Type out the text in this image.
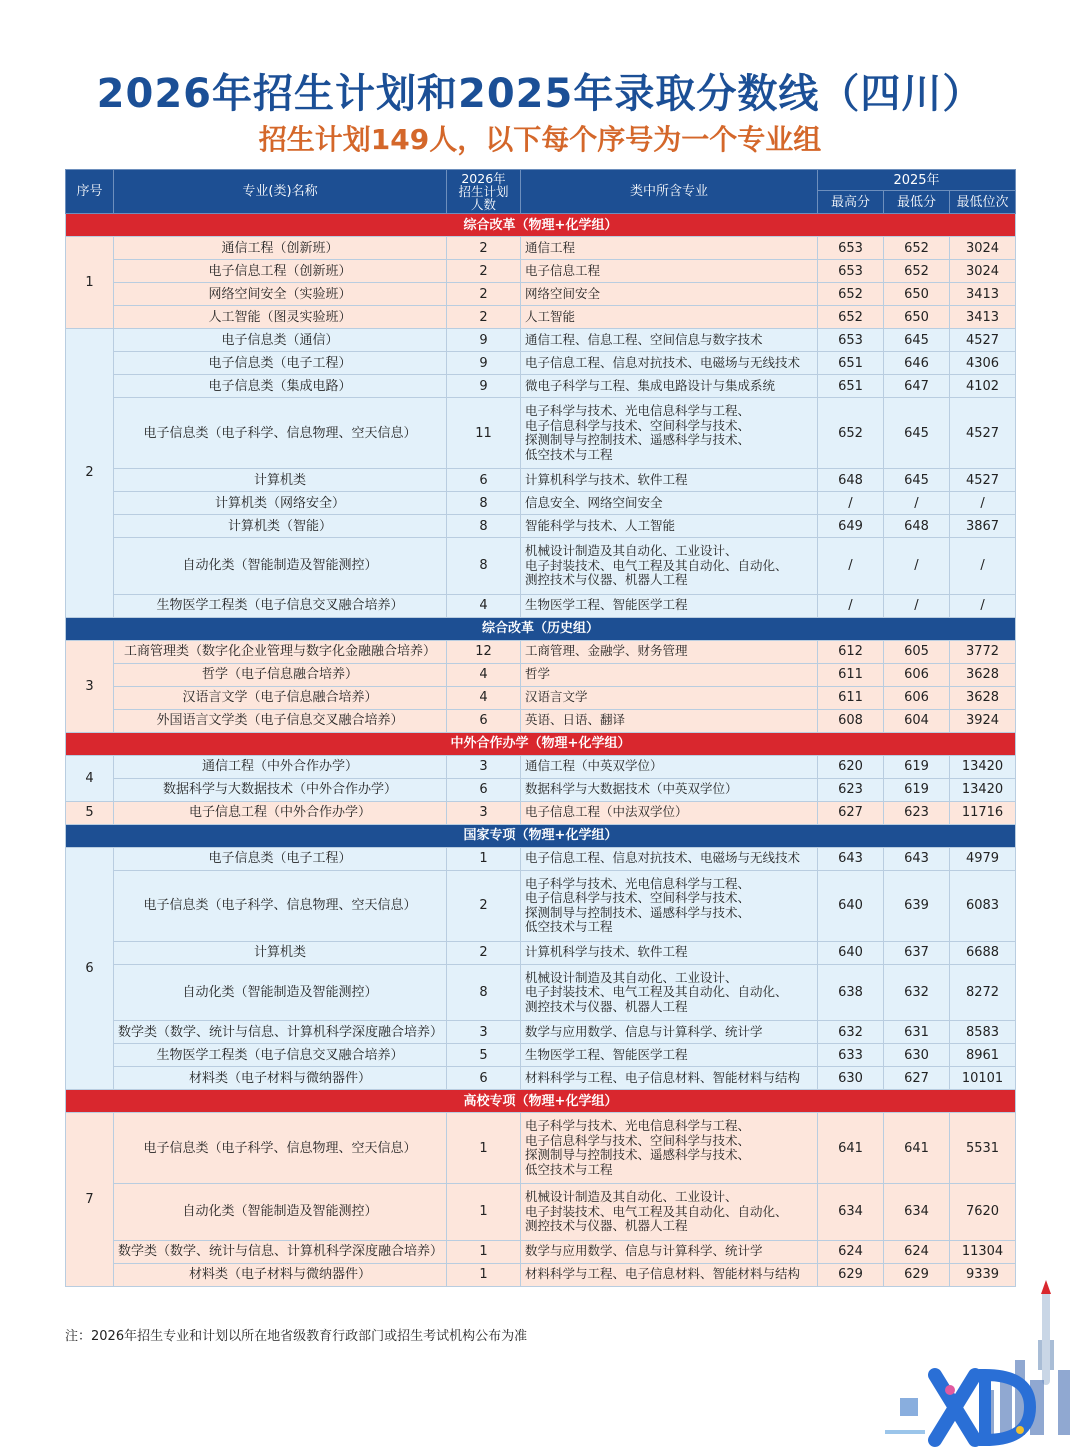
2026年招生计划和2025年录取分数线（四川）
招生计划149人，以下每个序号为一个专业组
序号	专业(类)名称	2026年
招生计划
人数	类中所含专业	2025年		
				最高分	最低分	最低位次
综合改革（物理+化学组）						
1	通信工程（创新班）	2	通信工程	653	652	3024
	电子信息工程（创新班）	2	电子信息工程	653	652	3024
	网络空间安全（实验班）	2	网络空间安全	652	650	3413
	人工智能（图灵实验班）	2	人工智能	652	650	3413
2	电子信息类（通信）	9	通信工程、信息工程、空间信息与数字技术	653	645	4527
	电子信息类（电子工程）	9	电子信息工程、信息对抗技术、电磁场与无线技术	651	646	4306
	电子信息类（集成电路）	9	微电子科学与工程、集成电路设计与集成系统	651	647	4102
	电子信息类（电子科学、信息物理、空天信息）	11	电子科学与技术、光电信息科学与工程、
电子信息科学与技术、空间科学与技术、
探测制导与控制技术、遥感科学与技术、
低空技术与工程	652	645	4527
	计算机类	6	计算机科学与技术、软件工程	648	645	4527
	计算机类（网络安全）	8	信息安全、网络空间安全	/	/	/
	计算机类（智能）	8	智能科学与技术、人工智能	649	648	3867
	自动化类（智能制造及智能测控）	8	机械设计制造及其自动化、工业设计、
电子封装技术、电气工程及其自动化、自动化、
测控技术与仪器、机器人工程	/	/	/
	生物医学工程类（电子信息交叉融合培养）	4	生物医学工程、智能医学工程	/	/	/
综合改革（历史组）						
3	工商管理类（数字化企业管理与数字化金融融合培养）	12	工商管理、金融学、财务管理	612	605	3772
	哲学（电子信息融合培养）	4	哲学	611	606	3628
	汉语言文学（电子信息融合培养）	4	汉语言文学	611	606	3628
	外国语言文学类（电子信息交叉融合培养）	6	英语、日语、翻译	608	604	3924
中外合作办学（物理+化学组）						
4	通信工程（中外合作办学）	3	通信工程（中英双学位）	620	619	13420
	数据科学与大数据技术（中外合作办学）	6	数据科学与大数据技术（中英双学位）	623	619	13420
5	电子信息工程（中外合作办学）	3	电子信息工程（中法双学位）	627	623	11716
国家专项（物理+化学组）						
6	电子信息类（电子工程）	1	电子信息工程、信息对抗技术、电磁场与无线技术	643	643	4979
	电子信息类（电子科学、信息物理、空天信息）	2	电子科学与技术、光电信息科学与工程、
电子信息科学与技术、空间科学与技术、
探测制导与控制技术、遥感科学与技术、
低空技术与工程	640	639	6083
	计算机类	2	计算机科学与技术、软件工程	640	637	6688
	自动化类（智能制造及智能测控）	8	机械设计制造及其自动化、工业设计、
电子封装技术、电气工程及其自动化、自动化、
测控技术与仪器、机器人工程	638	632	8272
	数学类（数学、统计与信息、计算机科学深度融合培养）	3	数学与应用数学、信息与计算科学、统计学	632	631	8583
	生物医学工程类（电子信息交叉融合培养）	5	生物医学工程、智能医学工程	633	630	8961
	材料类（电子材料与微纳器件）	6	材料科学与工程、电子信息材料、智能材料与结构	630	627	10101
高校专项（物理+化学组）						
7	电子信息类（电子科学、信息物理、空天信息）	1	电子科学与技术、光电信息科学与工程、
电子信息科学与技术、空间科学与技术、
探测制导与控制技术、遥感科学与技术、
低空技术与工程	641	641	5531
	自动化类（智能制造及智能测控）	1	机械设计制造及其自动化、工业设计、
电子封装技术、电气工程及其自动化、自动化、
测控技术与仪器、机器人工程	634	634	7620
	数学类（数学、统计与信息、计算机科学深度融合培养）	1	数学与应用数学、信息与计算科学、统计学	624	624	11304
	材料类（电子材料与微纳器件）	1	材料科学与工程、电子信息材料、智能材料与结构	629	629	9339
注：2026年招生专业和计划以所在地省级教育行政部门或招生考试机构公布为准
